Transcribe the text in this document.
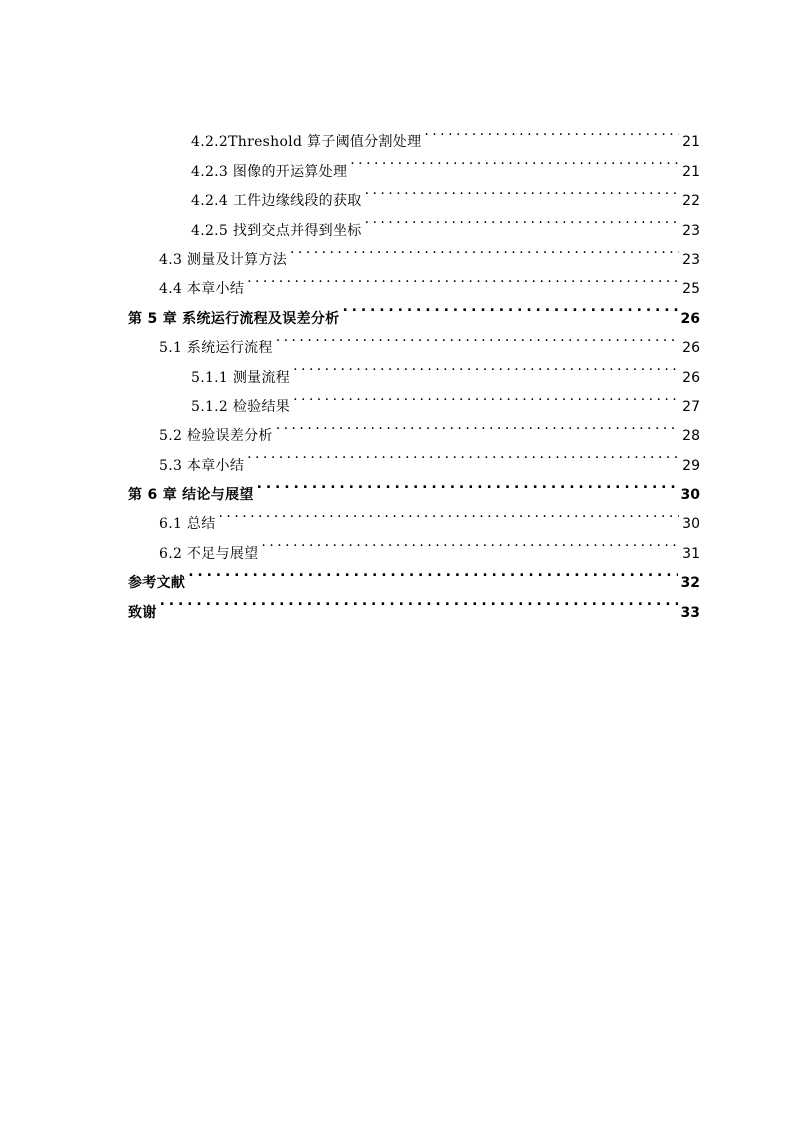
4.2.2Threshold 算子阈值分割处理 . . .	21
4.2.3 图像的开运算处理 . . .	21
4.2.4 工件边缘线段的获取 . . .	22
4.2.5 找到交点并得到坐标 . . .	23
4.3 测量及计算方法 . . .	23
4.4 本章小结 . . .	25
第 5 章 系统运行流程及误差分析 . . .	26
5.1 系统运行流程 . . .	26
5.1.1 测量流程 . . .	26
5.1.2 检验结果 . . .	27
5.2 检验误差分析 . . .	28
5.3 本章小结 . . .	29
第 6 章 结论与展望 . . .	30
6.1 总结 . . .	30
6.2 不足与展望 . . .	31
参考文献 . . .	32
致谢 . . .	33
